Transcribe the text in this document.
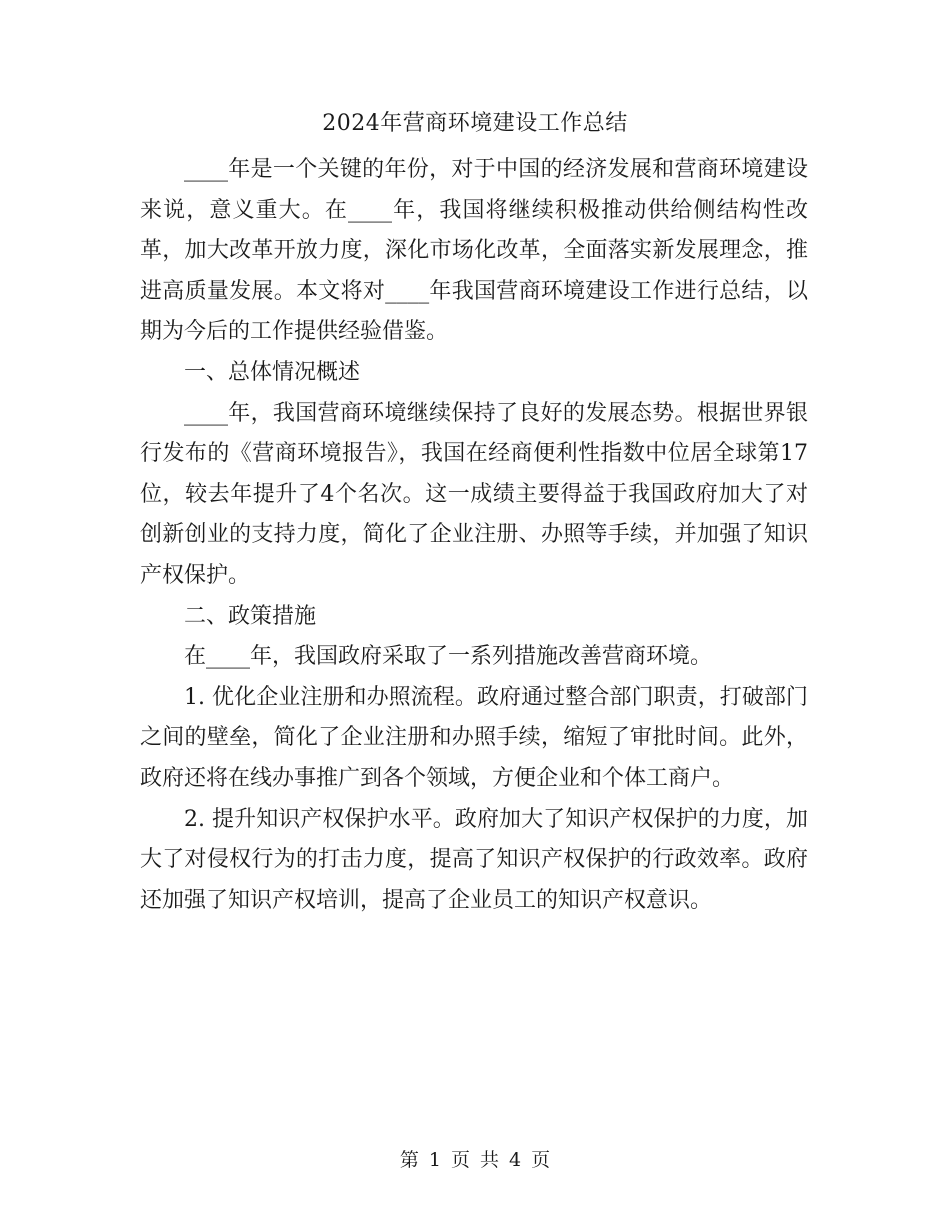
2024年营商环境建设工作总结

____年是一个关键的年份，对于中国的经济发展和营商环境建设来说，意义重大。在____年，我国将继续积极推动供给侧结构性改革，加大改革开放力度，深化市场化改革，全面落实新发展理念，推进高质量发展。本文将对____年我国营商环境建设工作进行总结，以期为今后的工作提供经验借鉴。

一、总体情况概述

____年，我国营商环境继续保持了良好的发展态势。根据世界银行发布的《营商环境报告》，我国在经商便利性指数中位居全球第17位，较去年提升了4个名次。这一成绩主要得益于我国政府加大了对创新创业的支持力度，简化了企业注册、办照等手续，并加强了知识产权保护。

二、政策措施

在____年，我国政府采取了一系列措施改善营商环境。

1. 优化企业注册和办照流程。政府通过整合部门职责，打破部门之间的壁垒，简化了企业注册和办照手续，缩短了审批时间。此外，政府还将在线办事推广到各个领域，方便企业和个体工商户。

2. 提升知识产权保护水平。政府加大了知识产权保护的力度，加大了对侵权行为的打击力度，提高了知识产权保护的行政效率。政府还加强了知识产权培训，提高了企业员工的知识产权意识。

第 1 页 共 4 页
